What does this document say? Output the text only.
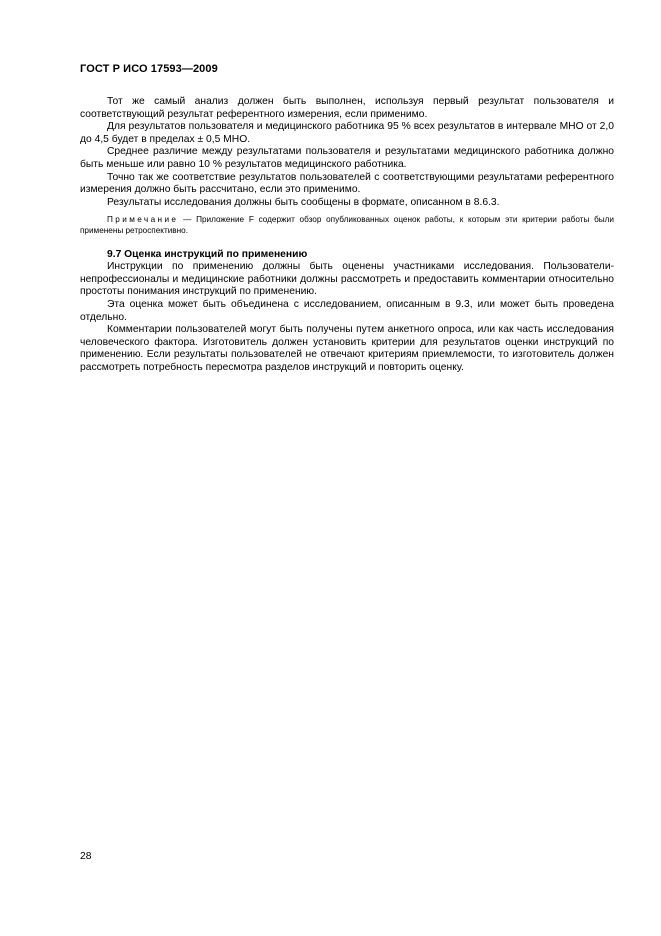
ГОСТ Р ИСО 17593—2009

Тот же самый анализ должен быть выполнен, используя первый результат пользователя и соответствующий результат референтного измерения, если применимо.

Для результатов пользователя и медицинского работника 95 % всех результатов в интервале МНО от 2,0 до 4,5 будет в пределах ± 0,5 МНО.

Среднее различие между результатами пользователя и результатами медицинского работника должно быть меньше или равно 10 % результатов медицинского работника.

Точно так же соответствие результатов пользователей с соответствующими результатами референтного измерения должно быть рассчитано, если это применимо.

Результаты исследования должны быть сообщены в формате, описанном в 8.6.3.

Примечание — Приложение F содержит обзор опубликованных оценок работы, к которым эти критерии работы были применены ретроспективно.

9.7 Оценка инструкций по применению

Инструкции по применению должны быть оценены участниками исследования. Пользователи-непрофессионалы и медицинские работники должны рассмотреть и предоставить комментарии относительно простоты понимания инструкций по применению.

Эта оценка может быть объединена с исследованием, описанным в 9.3, или может быть проведена отдельно.

Комментарии пользователей могут быть получены путем анкетного опроса, или как часть исследования человеческого фактора. Изготовитель должен установить критерии для результатов оценки инструкций по применению. Если результаты пользователей не отвечают критериям приемлемости, то изготовитель должен рассмотреть потребность пересмотра разделов инструкций и повторить оценку.

28
